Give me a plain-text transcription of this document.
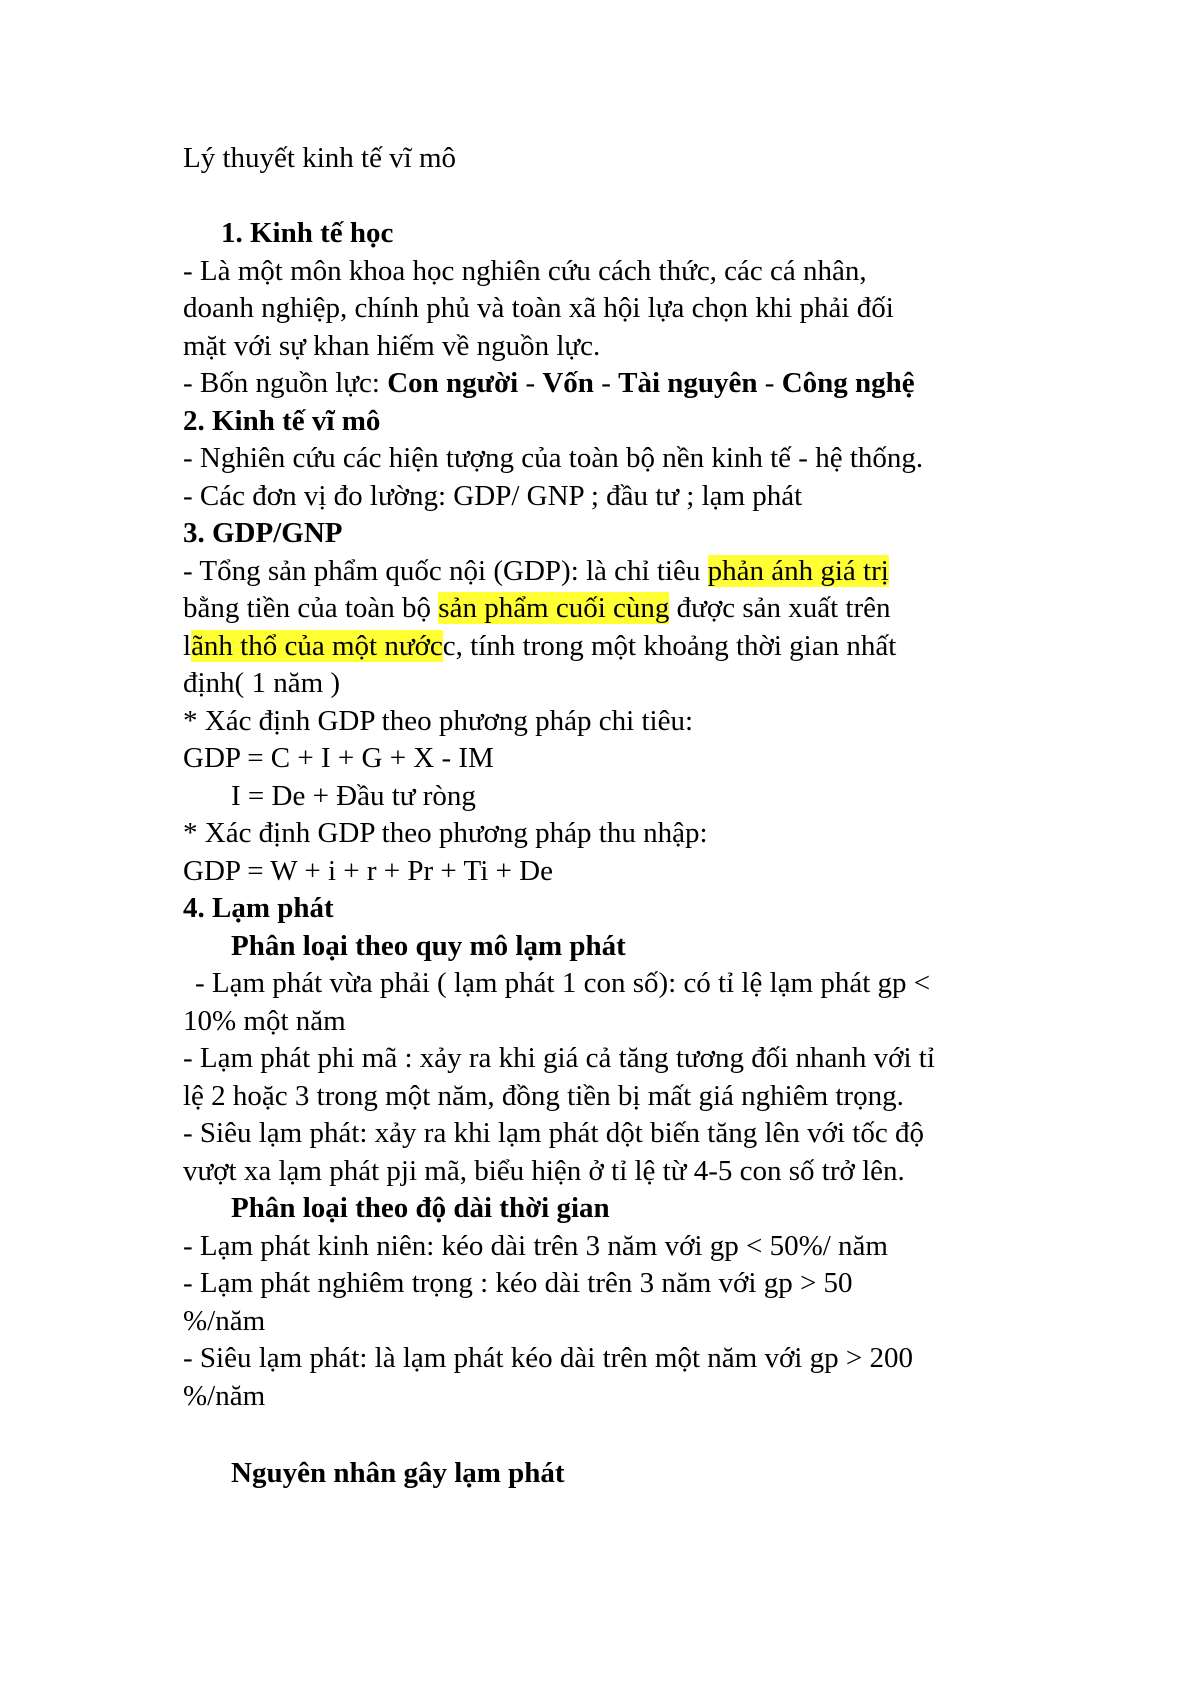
Lý thuyết kinh tế vĩ mô
1. Kinh tế học
- Là một môn khoa học nghiên cứu cách thức, các cá nhân,
doanh nghiệp, chính phủ và toàn xã hội lựa chọn khi phải đối
mặt với sự khan hiếm về nguồn lực.
- Bốn nguồn lực: Con người - Vốn - Tài nguyên - Công nghệ
2. Kinh tế vĩ mô
- Nghiên cứu các hiện tượng của toàn bộ nền kinh tế - hệ thống.
- Các đơn vị đo lường: GDP/ GNP ; đầu tư ; lạm phát
3. GDP/GNP
- Tổng sản phẩm quốc nội (GDP): là chỉ tiêu phản ánh giá trị
bằng tiền của toàn bộ sản phẩm cuối cùng được sản xuất trên
lãnh thổ của một nướcc, tính trong một khoảng thời gian nhất
định( 1 năm )
* Xác định GDP theo phương pháp chi tiêu:
GDP = C + I + G + X - IM
I = De + Đầu tư ròng
* Xác định GDP theo phương pháp thu nhập:
GDP = W + i + r + Pr + Ti + De
4. Lạm phát
Phân loại theo quy mô lạm phát
- Lạm phát vừa phải ( lạm phát 1 con số): có tỉ lệ lạm phát gp <
10% một năm
- Lạm phát phi mã : xảy ra khi giá cả tăng tương đối nhanh với tỉ
lệ 2 hoặc 3 trong một năm, đồng tiền bị mất giá nghiêm trọng.
- Siêu lạm phát: xảy ra khi lạm phát dột biến tăng lên với tốc độ
vượt xa lạm phát pji mã, biểu hiện ở tỉ lệ từ 4-5 con số trở lên.
Phân loại theo độ dài thời gian
- Lạm phát kinh niên: kéo dài trên 3 năm với gp < 50%/ năm
- Lạm phát nghiêm trọng : kéo dài trên 3 năm với gp > 50
%/năm
- Siêu lạm phát: là lạm phát kéo dài trên một năm với gp > 200
%/năm
Nguyên nhân gây lạm phát
